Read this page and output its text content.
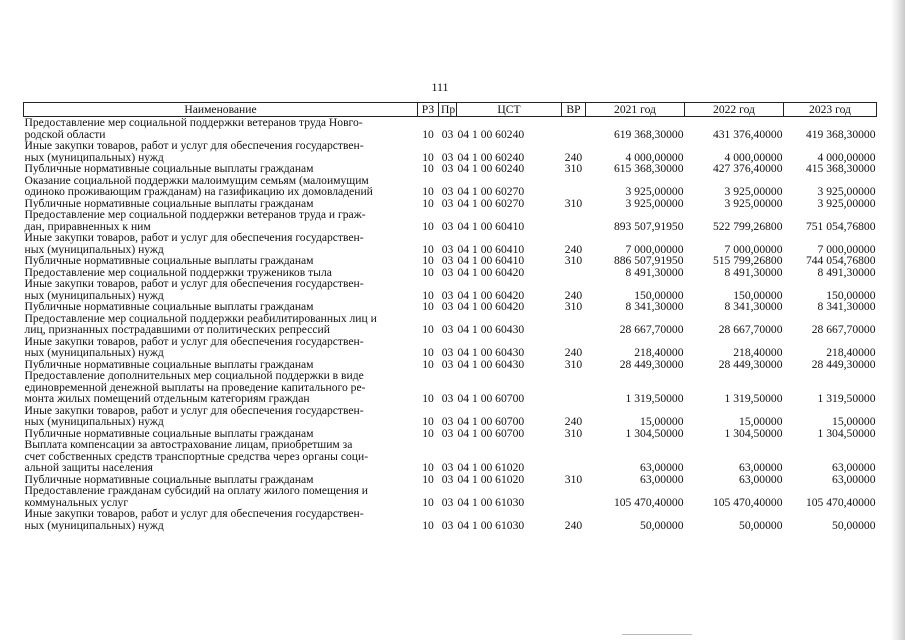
111
Наименование	РЗ	Пр	ЦСТ	ВР	2021 год	2022 год	2023 год
Предоставление мер социальной поддержки ветеранов труда Новго-
родской области	10	03	04 1 00 60240		619 368,30000	431 376,40000	419 368,30000
Иные закупки товаров, работ и услуг для обеспечения государствен-
ных (муниципальных) нужд	10	03	04 1 00 60240	240	4 000,00000	4 000,00000	4 000,00000
Публичные нормативные социальные выплаты гражданам	10	03	04 1 00 60240	310	615 368,30000	427 376,40000	415 368,30000
Оказание социальной поддержки малоимущим семьям (малоимущим
одиноко проживающим гражданам) на газификацию их домовладений	10	03	04 1 00 60270		3 925,00000	3 925,00000	3 925,00000
Публичные нормативные социальные выплаты гражданам	10	03	04 1 00 60270	310	3 925,00000	3 925,00000	3 925,00000
Предоставление мер социальной поддержки ветеранов труда и граж-
дан, приравненных к ним	10	03	04 1 00 60410		893 507,91950	522 799,26800	751 054,76800
Иные закупки товаров, работ и услуг для обеспечения государствен-
ных (муниципальных) нужд	10	03	04 1 00 60410	240	7 000,00000	7 000,00000	7 000,00000
Публичные нормативные социальные выплаты гражданам	10	03	04 1 00 60410	310	886 507,91950	515 799,26800	744 054,76800
Предоставление мер социальной поддержки тружеников тыла	10	03	04 1 00 60420		8 491,30000	8 491,30000	8 491,30000
Иные закупки товаров, работ и услуг для обеспечения государствен-
ных (муниципальных) нужд	10	03	04 1 00 60420	240	150,00000	150,00000	150,00000
Публичные нормативные социальные выплаты гражданам	10	03	04 1 00 60420	310	8 341,30000	8 341,30000	8 341,30000
Предоставление мер социальной поддержки реабилитированных лиц и
лиц, признанных пострадавшими от политических репрессий	10	03	04 1 00 60430		28 667,70000	28 667,70000	28 667,70000
Иные закупки товаров, работ и услуг для обеспечения государствен-
ных (муниципальных) нужд	10	03	04 1 00 60430	240	218,40000	218,40000	218,40000
Публичные нормативные социальные выплаты гражданам	10	03	04 1 00 60430	310	28 449,30000	28 449,30000	28 449,30000
Предоставление дополнительных мер социальной поддержки в виде
единовременной денежной выплаты на проведение капитального ре-
монта жилых помещений отдельным категориям граждан	10	03	04 1 00 60700		1 319,50000	1 319,50000	1 319,50000
Иные закупки товаров, работ и услуг для обеспечения государствен-
ных (муниципальных) нужд	10	03	04 1 00 60700	240	15,00000	15,00000	15,00000
Публичные нормативные социальные выплаты гражданам	10	03	04 1 00 60700	310	1 304,50000	1 304,50000	1 304,50000
Выплата компенсации за автострахование лицам, приобретшим за
счет собственных средств транспортные средства через органы соци-
альной защиты населения	10	03	04 1 00 61020		63,00000	63,00000	63,00000
Публичные нормативные социальные выплаты гражданам	10	03	04 1 00 61020	310	63,00000	63,00000	63,00000
Предоставление гражданам субсидий на оплату жилого помещения и
коммунальных услуг	10	03	04 1 00 61030		105 470,40000	105 470,40000	105 470,40000
Иные закупки товаров, работ и услуг для обеспечения государствен-
ных (муниципальных) нужд	10	03	04 1 00 61030	240	50,00000	50,00000	50,00000
